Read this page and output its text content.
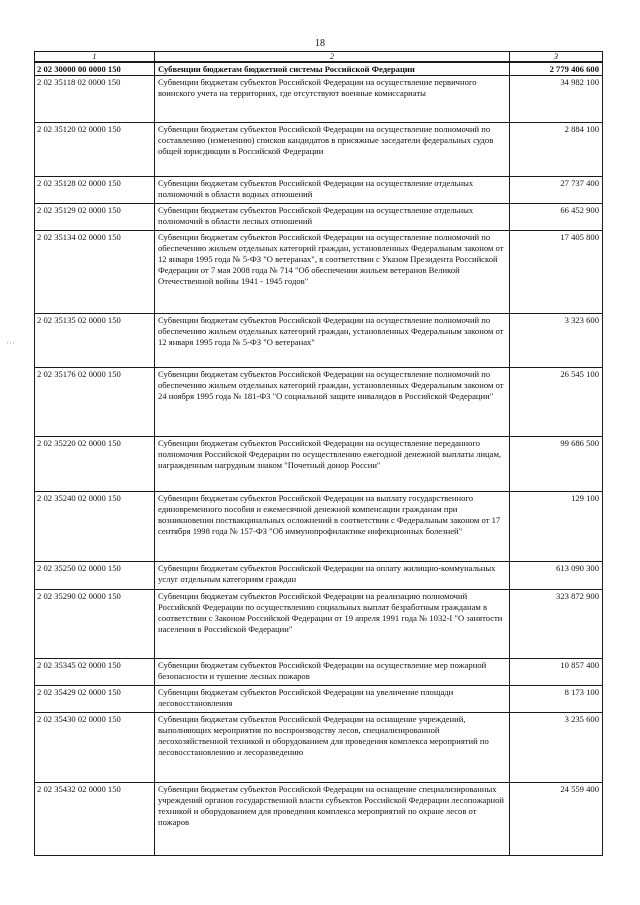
18
···
1	2	3
2 02 30000 00 0000 150	Субвенции бюджетам бюджетной системы Российской Федерации	2 779 406 600
2 02 35118 02 0000 150	Субвенции бюджетам субъектов Российской Федерации на осуществление первичного воинского учета на территориях, где отсутствуют военные комиссариаты	34 982 100
2 02 35120 02 0000 150	Субвенции бюджетам субъектов Российской Федерации на осуществление полномочий по составлению (изменению) списков кандидатов в присяжные заседатели федеральных судов общей юрисдикции в Российской Федерации	2 884 100
2 02 35128 02 0000 150	Субвенции бюджетам субъектов Российской Федерации на осуществление отдельных полномочий в области водных отношений	27 737 400
2 02 35129 02 0000 150	Субвенции бюджетам субъектов Российской Федерации на осуществление отдельных полномочий в области лесных отношений	66 452 900
2 02 35134 02 0000 150	Субвенции бюджетам субъектов Российской Федерации на осуществление полномочий по обеспечению жильем отдельных категорий граждан, установленных Федеральным законом от 12 января 1995 года № 5-ФЗ "О ветеранах", в соответствии с Указом Президента Российской Федерации от 7 мая 2008 года № 714 "Об обеспечении жильем ветеранов Великой Отечественной войны 1941 - 1945 годов"	17 405 800
2 02 35135 02 0000 150	Субвенции бюджетам субъектов Российской Федерации на осуществление полномочий по обеспечению жильем отдельных категорий граждан, установленных Федеральным законом от 12 января 1995 года № 5-ФЗ "О ветеранах"	3 323 600
2 02 35176 02 0000 150	Субвенции бюджетам субъектов Российской Федерации на осуществление полномочий по обеспечению жильем отдельных категорий граждан, установленных Федеральным законом от 24 ноября 1995 года № 181-ФЗ "О социальной защите инвалидов в Российской Федерации"	26 545 100
2 02 35220 02 0000 150	Субвенции бюджетам субъектов Российской Федерации на осуществление переданного полномочия Российской Федерации по осуществлению ежегодной денежной выплаты лицам, награжденным нагрудным знаком "Почетный донор России"	99 686 500
2 02 35240 02 0000 150	Субвенции бюджетам субъектов Российской Федерации на выплату государственного единовременного пособия и ежемесячной денежной компенсации гражданам при возникновении поствакцинальных осложнений в соответствии с Федеральным законом от 17 сентября 1998 года № 157-ФЗ "Об иммунопрофилактике инфекционных болезней"	129 100
2 02 35250 02 0000 150	Субвенции бюджетам субъектов Российской Федерации на оплату жилищно-коммунальных услуг отдельным категориям граждан	613 090 300
2 02 35290 02 0000 150	Субвенции бюджетам субъектов Российской Федерации на реализацию полномочий Российской Федерации по осуществлению социальных выплат безработным гражданам в соответствии с Законом Российской Федерации от 19 апреля 1991 года № 1032-I "О занятости населения в Российской Федерации"	323 872 900
2 02 35345 02 0000 150	Субвенции бюджетам субъектов Российской Федерации на осуществление мер пожарной безопасности и тушение лесных пожаров	10 857 400
2 02 35429 02 0000 150	Субвенции бюджетам субъектов Российской Федерации на увеличение площади лесовосстановления	8 173 100
2 02 35430 02 0000 150	Субвенции бюджетам субъектов Российской Федерации на оснащение учреждений, выполняющих мероприятия по воспроизводству лесов, специализированной лесохозяйственной техникой и оборудованием для проведения комплекса мероприятий по лесовосстановлению и лесоразведению	3 235 600
2 02 35432 02 0000 150	Субвенции бюджетам субъектов Российской Федерации на оснащение специализированных учреждений органов государственной власти субъектов Российской Федерации лесопожарной техникой и оборудованием для проведения комплекса мероприятий по охране лесов от пожаров	24 559 400
